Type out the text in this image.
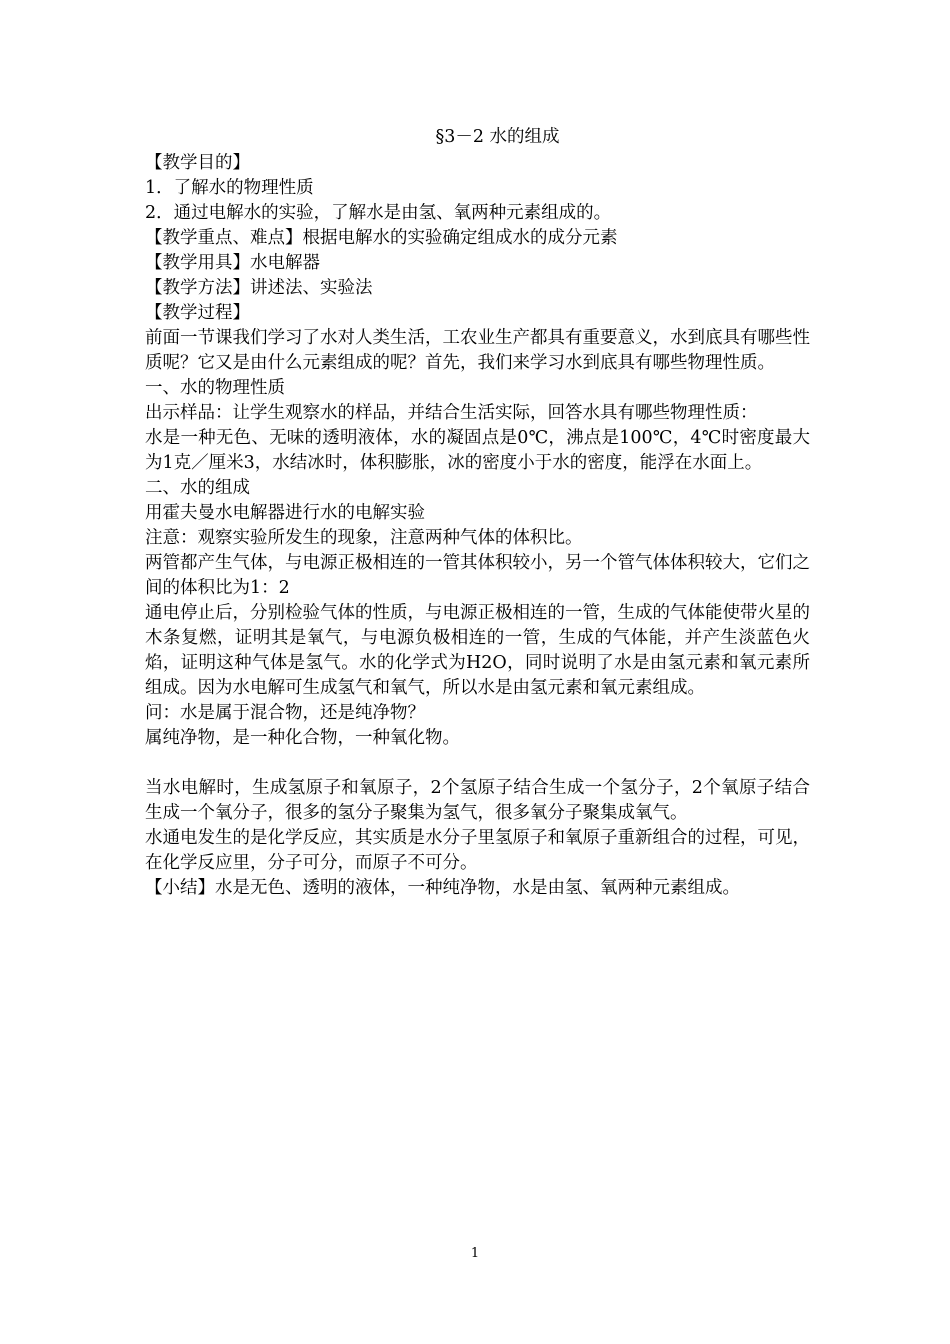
§3－2 水的组成

【教学目的】

1．了解水的物理性质

2．通过电解水的实验，了解水是由氢、氧两种元素组成的。

【教学重点、难点】根据电解水的实验确定组成水的成分元素

【教学用具】水电解器

【教学方法】讲述法、实验法

【教学过程】

前面一节课我们学习了水对人类生活，工农业生产都具有重要意义，水到底具有哪些性质呢？它又是由什么元素组成的呢？首先，我们来学习水到底具有哪些物理性质。

一、水的物理性质

出示样品：让学生观察水的样品，并结合生活实际，回答水具有哪些物理性质：

水是一种无色、无味的透明液体，水的凝固点是0℃，沸点是100℃，4℃时密度最大为1克／厘米3，水结冰时，体积膨胀，冰的密度小于水的密度，能浮在水面上。

二、水的组成

用霍夫曼水电解器进行水的电解实验

注意：观察实验所发生的现象，注意两种气体的体积比。

两管都产生气体，与电源正极相连的一管其体积较小，另一个管气体体积较大，它们之间的体积比为1：2

通电停止后，分别检验气体的性质，与电源正极相连的一管，生成的气体能使带火星的木条复燃，证明其是氧气，与电源负极相连的一管，生成的气体能，并产生淡蓝色火焰，证明这种气体是氢气。水的化学式为H2O，同时说明了水是由氢元素和氧元素所组成。因为水电解可生成氢气和氧气，所以水是由氢元素和氧元素组成。

问：水是属于混合物，还是纯净物？

属纯净物，是一种化合物，一种氧化物。

当水电解时，生成氢原子和氧原子，2个氢原子结合生成一个氢分子，2个氧原子结合生成一个氧分子，很多的氢分子聚集为氢气，很多氧分子聚集成氧气。

水通电发生的是化学反应，其实质是水分子里氢原子和氧原子重新组合的过程，可见，在化学反应里，分子可分，而原子不可分。

【小结】水是无色、透明的液体，一种纯净物，水是由氢、氧两种元素组成。

1
